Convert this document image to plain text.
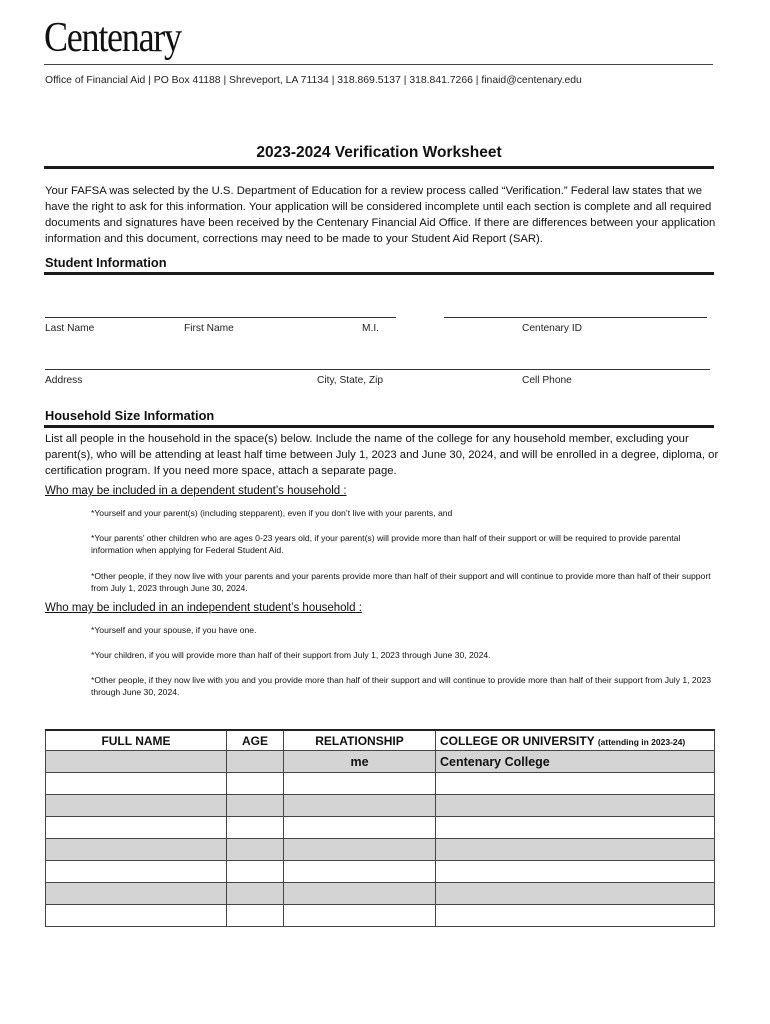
Centenary
Office of Financial Aid | PO Box 41188 | Shreveport, LA 71134 | 318.869.5137 | 318.841.7266 | finaid@centenary.edu
2023-2024 Verification Worksheet
Your FAFSA was selected by the U.S. Department of Education for a review process called “Verification.” Federal law states that we have the right to ask for this information. Your application will be considered incomplete until each section is complete and all required documents and signatures have been received by the Centenary Financial Aid Office. If there are differences between your application information and this document, corrections may need to be made to your Student Aid Report (SAR).
Student Information
Last Name	First Name	M.I.	Centenary ID
Address	City, State, Zip	Cell Phone
Household Size Information
List all people in the household in the space(s) below. Include the name of the college for any household member, excluding your parent(s), who will be attending at least half time between July 1, 2023 and June 30, 2024, and will be enrolled in a degree, diploma, or certification program. If you need more space, attach a separate page.
Who may be included in a dependent student’s household :
*Yourself and your parent(s) (including stepparent), even if you don’t live with your parents, and
*Your parents’ other children who are ages 0-23 years old, if your parent(s) will provide more than half of their support or will be required to provide parental information when applying for Federal Student Aid.
*Other people, if they now live with your parents and your parents provide more than half of their support and will continue to provide more than half of their support from July 1, 2023 through June 30, 2024.
Who may be included in an independent student’s household :
*Yourself and your spouse, if you have one.
*Your children, if you will provide more than half of their support from July 1, 2023 through June 30, 2024.
*Other people, if they now live with you and you provide more than half of their support and will continue to provide more than half of their support from July 1, 2023 through June 30, 2024.
FULL NAME	AGE	RELATIONSHIP	COLLEGE OR UNIVERSITY (attending in 2023-24)
		me	Centenary College
